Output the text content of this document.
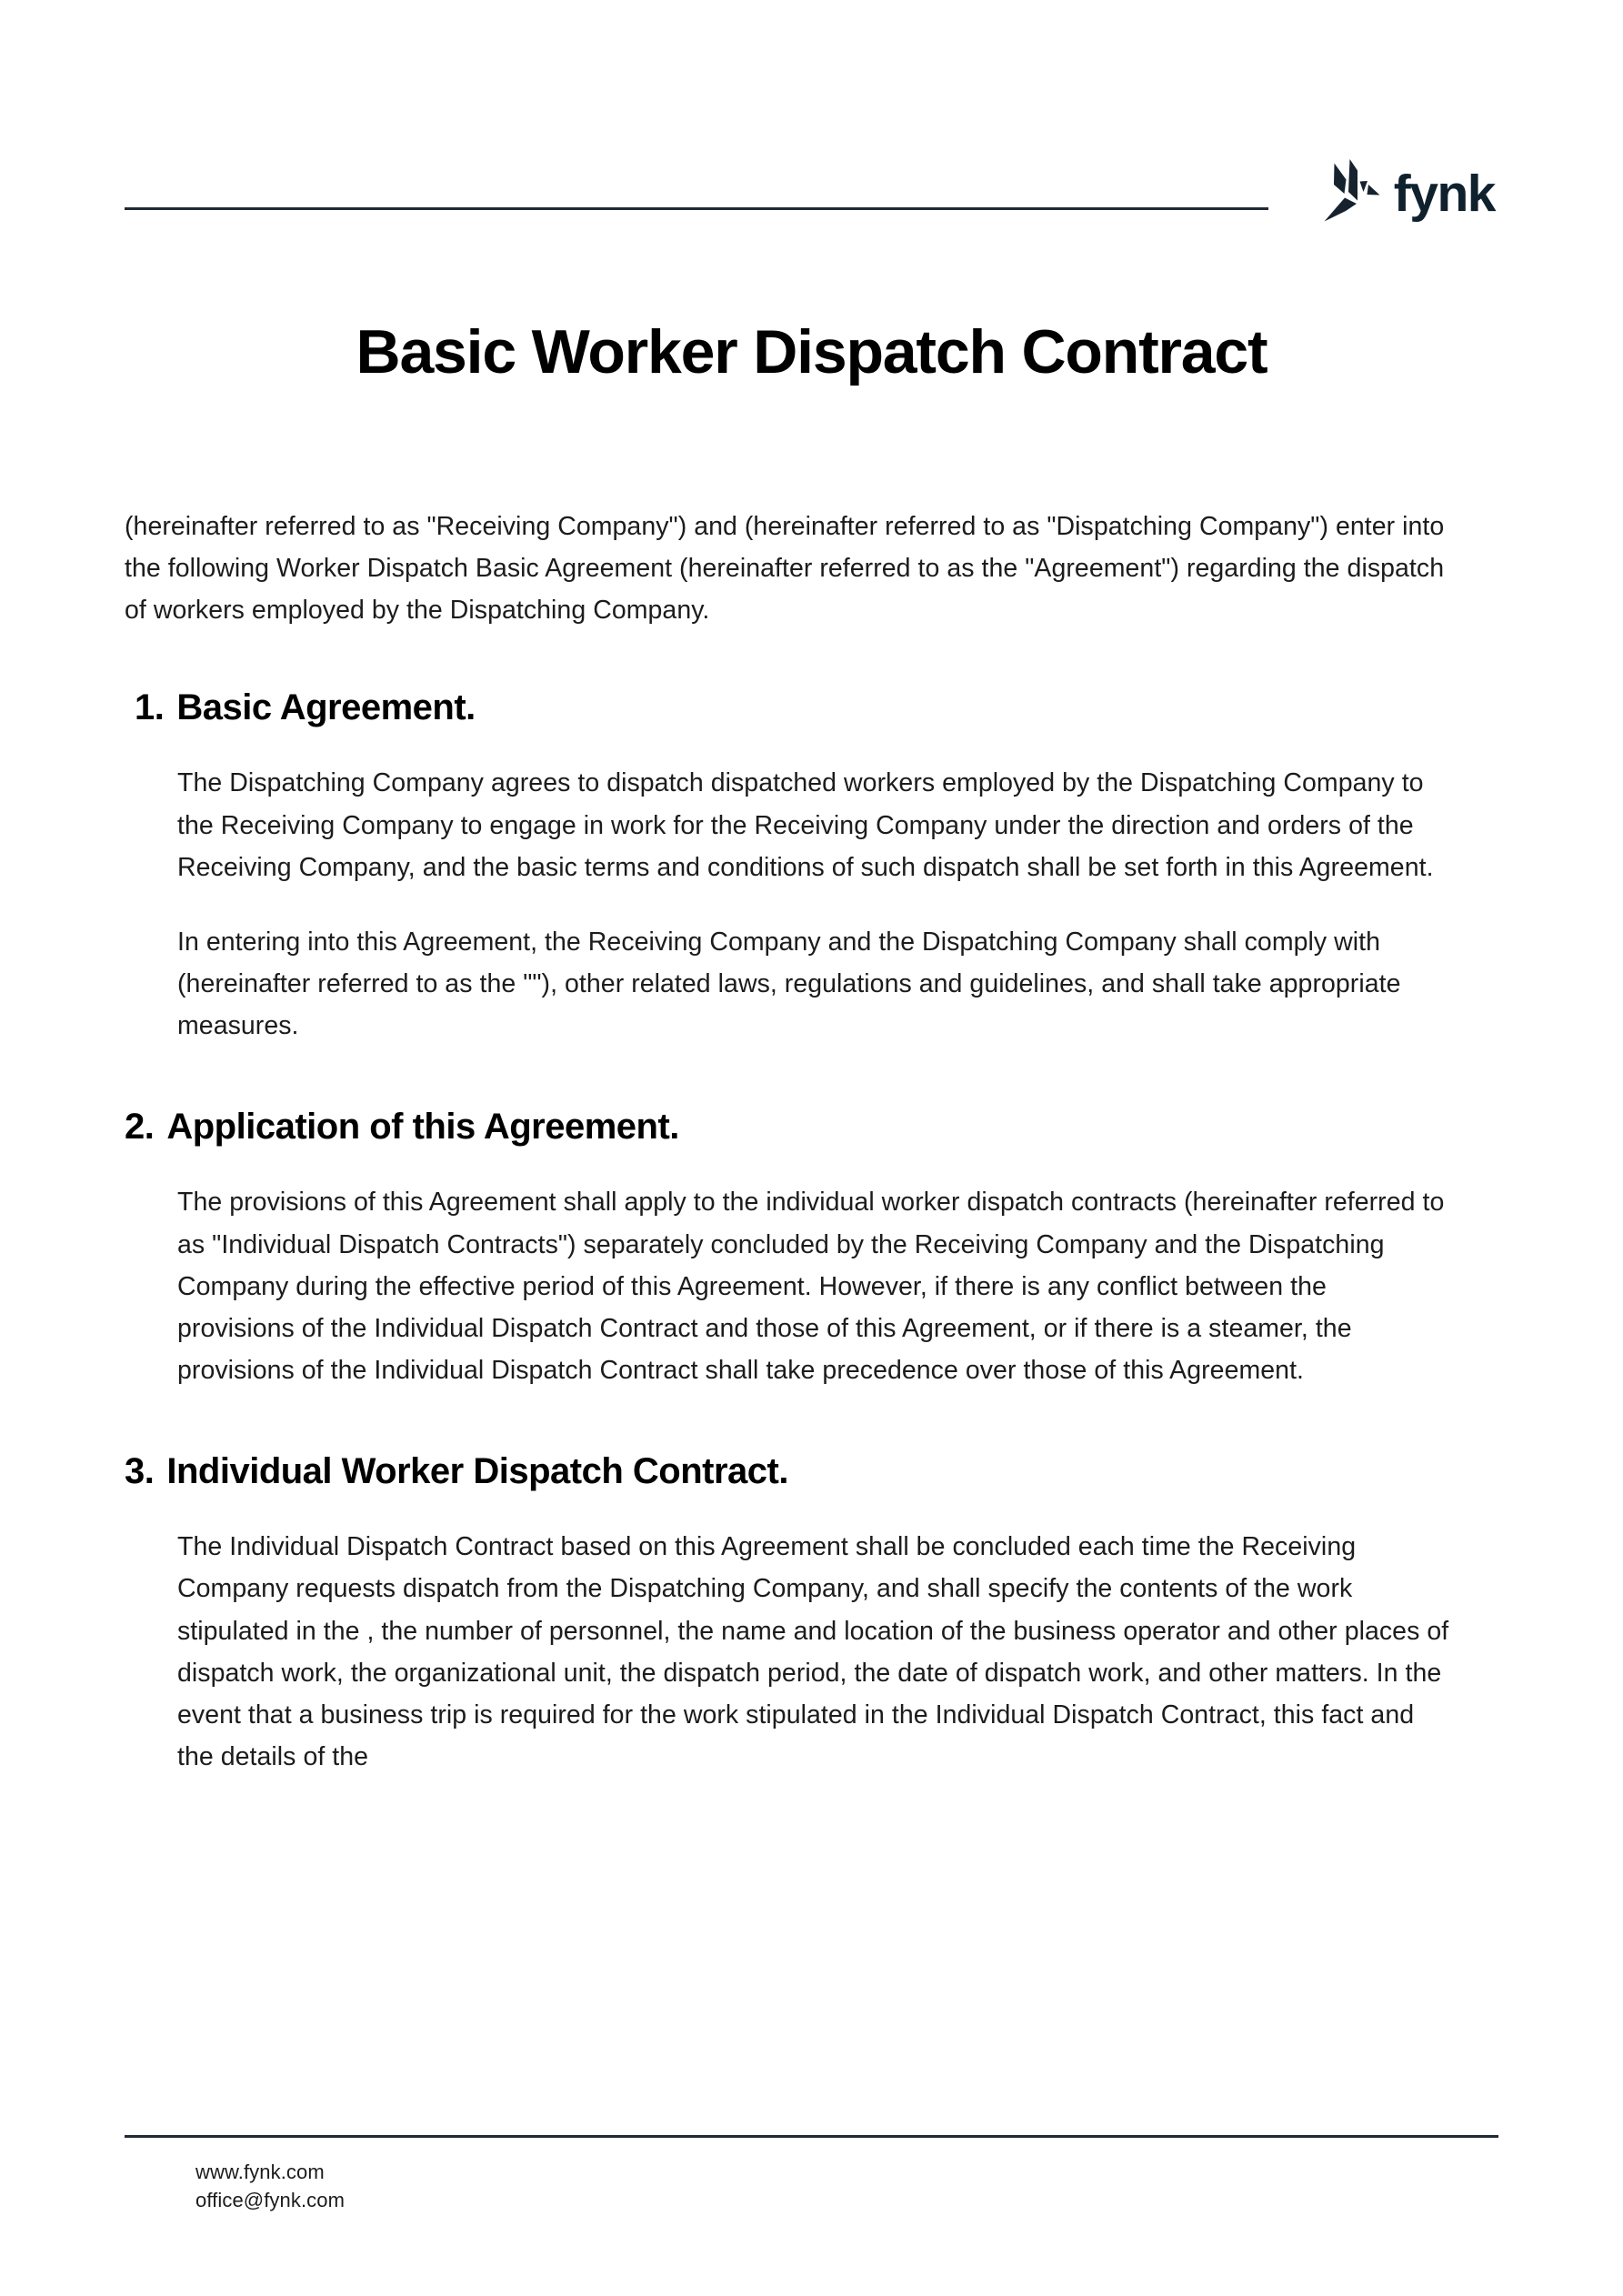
fynk
Basic Worker Dispatch Contract

(hereinafter referred to as "Receiving Company") and (hereinafter referred to as "Dispatching Company") enter into the following Worker Dispatch Basic Agreement (hereinafter referred to as the "Agreement") regarding the dispatch of workers employed by the Dispatching Company.

1. Basic Agreement.

The Dispatching Company agrees to dispatch dispatched workers employed by the Dispatching Company to the Receiving Company to engage in work for the Receiving Company under the direction and orders of the Receiving Company, and the basic terms and conditions of such dispatch shall be set forth in this Agreement.

In entering into this Agreement, the Receiving Company and the Dispatching Company shall comply with (hereinafter referred to as the ""), other related laws, regulations and guidelines, and shall take appropriate measures.

2. Application of this Agreement.

The provisions of this Agreement shall apply to the individual worker dispatch contracts (hereinafter referred to as "Individual Dispatch Contracts") separately concluded by the Receiving Company and the Dispatching Company during the effective period of this Agreement. However, if there is any conflict between the provisions of the Individual Dispatch Contract and those of this Agreement, or if there is a steamer, the provisions of the Individual Dispatch Contract shall take precedence over those of this Agreement.

3. Individual Worker Dispatch Contract.

The Individual Dispatch Contract based on this Agreement shall be concluded each time the Receiving Company requests dispatch from the Dispatching Company, and shall specify the contents of the work stipulated in the , the number of personnel, the name and location of the business operator and other places of dispatch work, the organizational unit, the dispatch period, the date of dispatch work, and other matters. In the event that a business trip is required for the work stipulated in the Individual Dispatch Contract, this fact and the details of the

www.fynk.com
office@fynk.com
